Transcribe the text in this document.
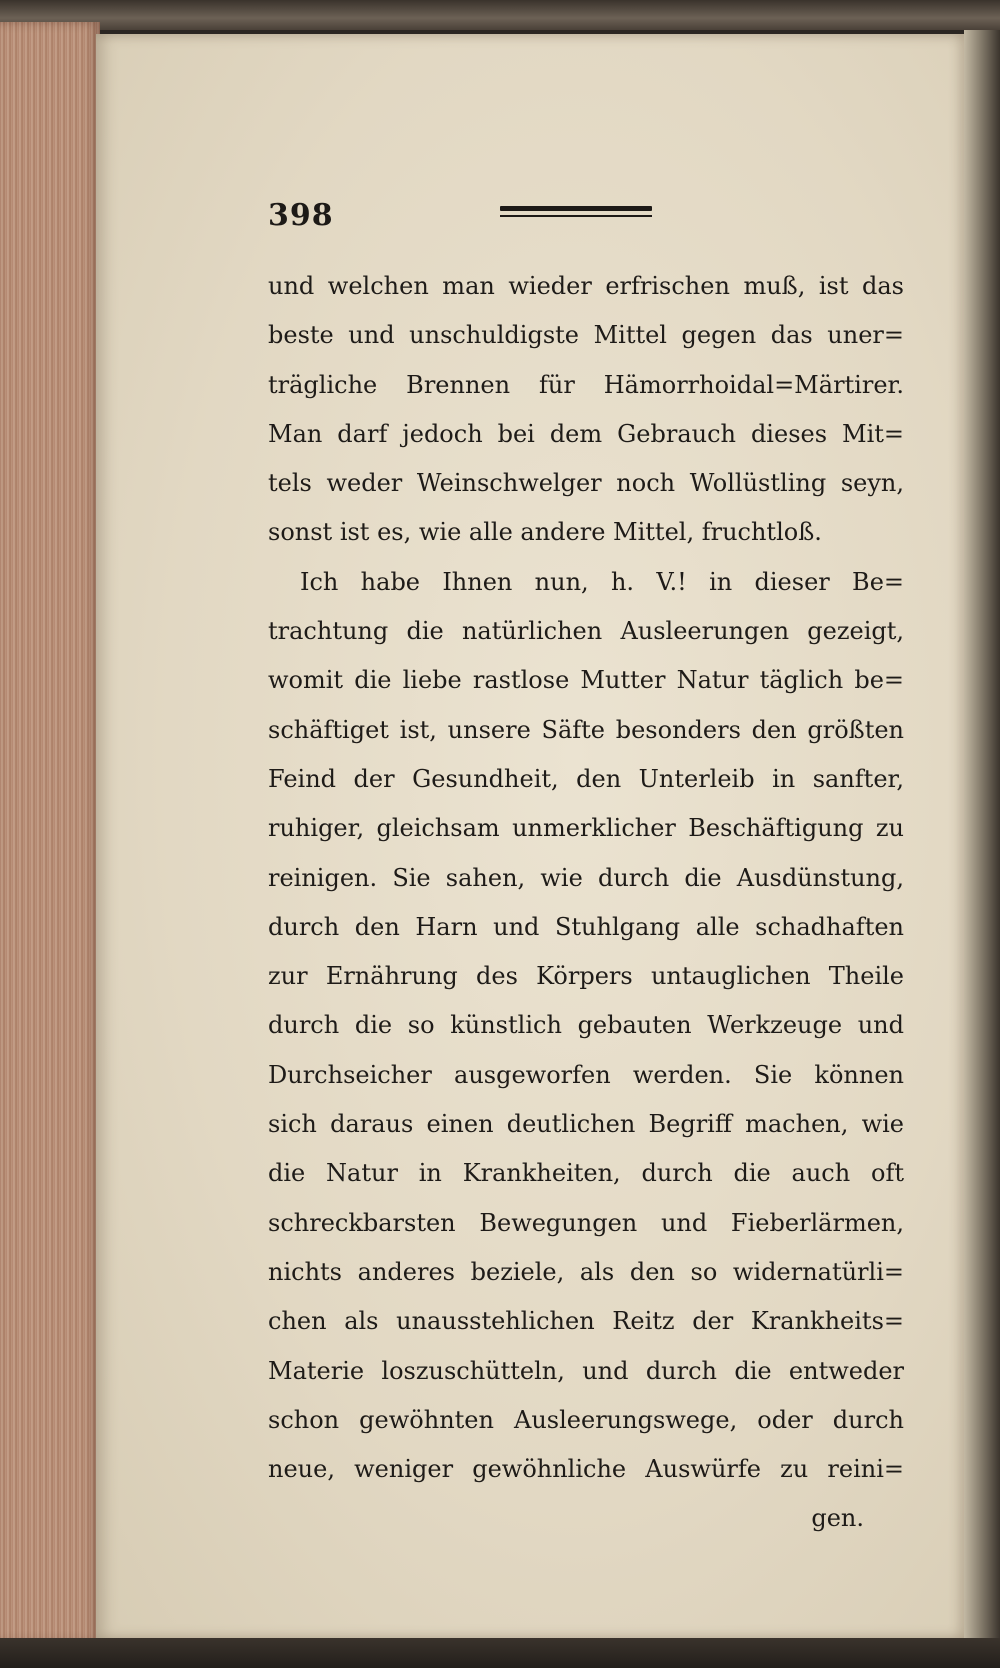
398
und welchen man wieder erfrischen muß, ist das
beste und unschuldigste Mittel gegen das uner=
trägliche Brennen für Hämorrhoidal=Märtirer.
Man darf jedoch bei dem Gebrauch dieses Mit=
tels weder Weinschwelger noch Wollüstling seyn,
sonst ist es, wie alle andere Mittel, fruchtloß.
Ich habe Ihnen nun, h. V.! in dieser Be=
trachtung die natürlichen Ausleerungen gezeigt,
womit die liebe rastlose Mutter Natur täglich be=
schäftiget ist, unsere Säfte besonders den größten
Feind der Gesundheit, den Unterleib in sanfter,
ruhiger, gleichsam unmerklicher Beschäftigung zu
reinigen. Sie sahen, wie durch die Ausdünstung,
durch den Harn und Stuhlgang alle schadhaften
zur Ernährung des Körpers untauglichen Theile
durch die so künstlich gebauten Werkzeuge und
Durchseicher ausgeworfen werden. Sie können
sich daraus einen deutlichen Begriff machen, wie
die Natur in Krankheiten, durch die auch oft
schreckbarsten Bewegungen und Fieberlärmen,
nichts anderes beziele, als den so widernatürli=
chen als unausstehlichen Reitz der Krankheits=
Materie loszuschütteln, und durch die entweder
schon gewöhnten Ausleerungswege, oder durch
neue, weniger gewöhnliche Auswürfe zu reini=
gen.
